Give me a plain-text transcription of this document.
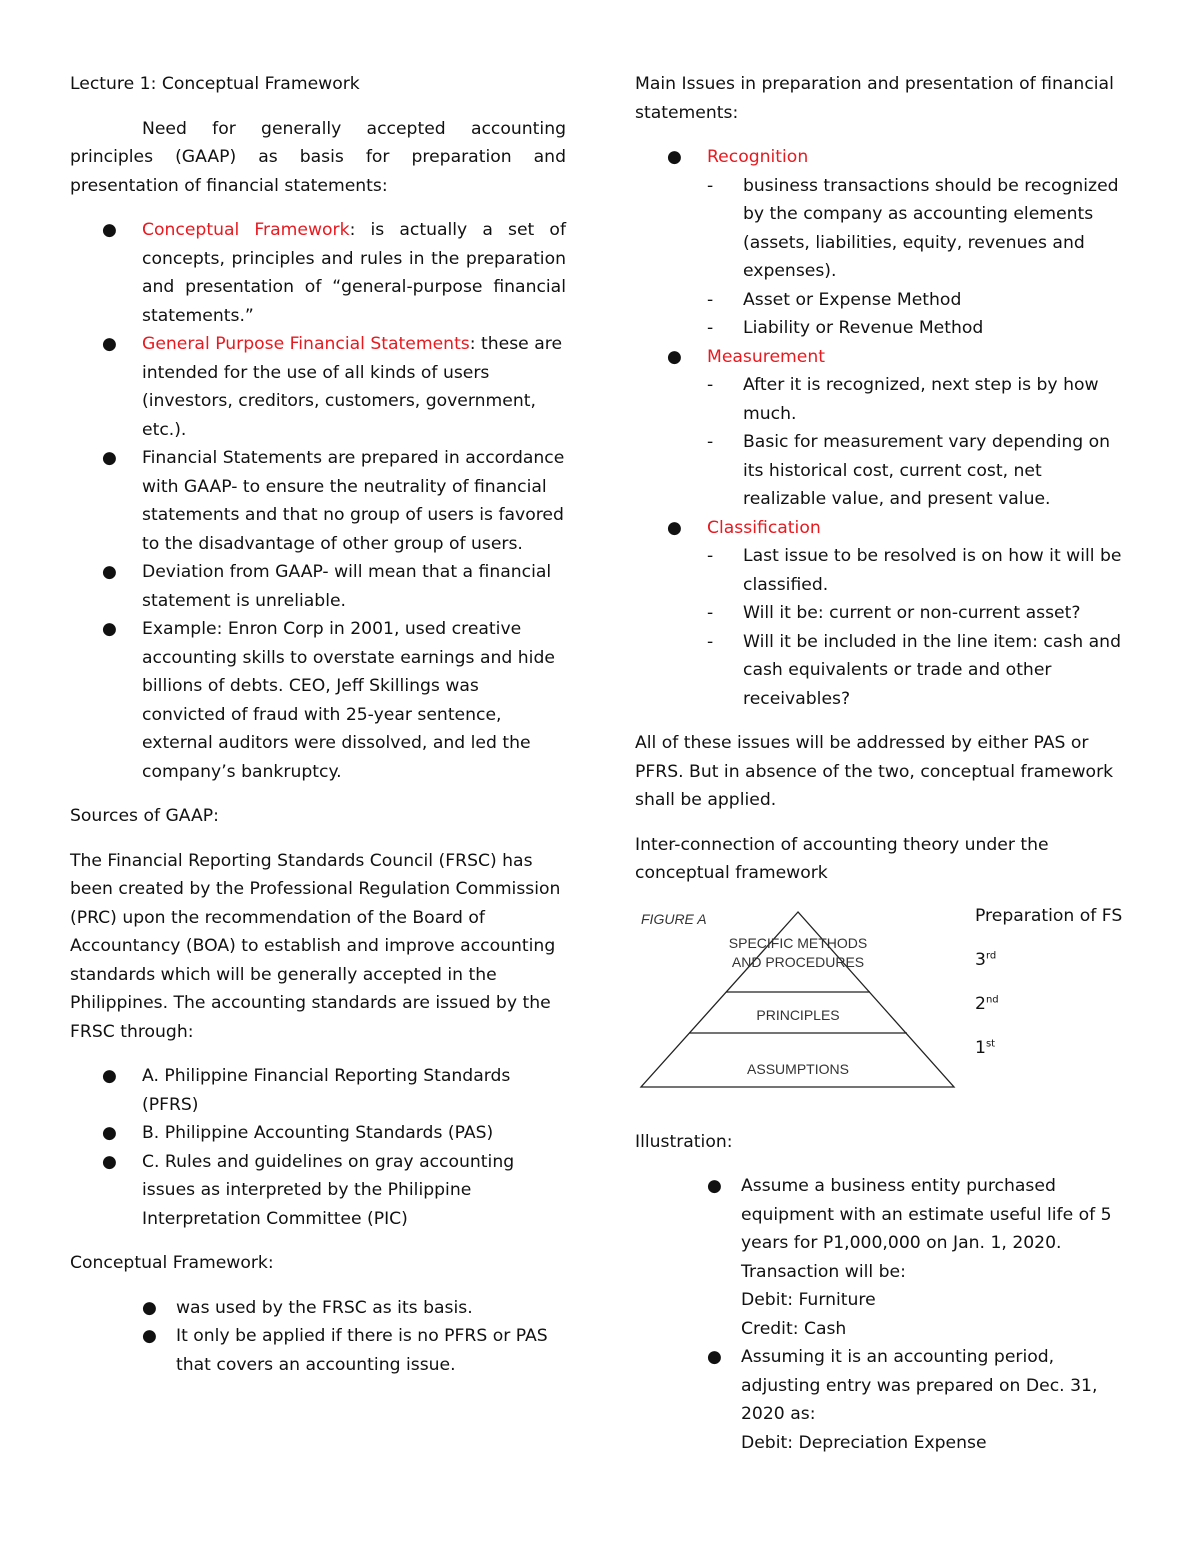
Lecture 1: Conceptual Framework

Need for generally accepted accounting principles (GAAP) as basis for preparation and presentation of financial statements:

● Conceptual Framework: is actually a set of concepts, principles and rules in the preparation and presentation of “general-purpose financial statements.”
● General Purpose Financial Statements: these are intended for the use of all kinds of users (investors, creditors, customers, government, etc.).
● Financial Statements are prepared in accordance with GAAP- to ensure the neutrality of financial statements and that no group of users is favored to the disadvantage of other group of users.
● Deviation from GAAP- will mean that a financial statement is unreliable.
● Example: Enron Corp in 2001, used creative accounting skills to overstate earnings and hide billions of debts. CEO, Jeff Skillings was convicted of fraud with 25-year sentence, external auditors were dissolved, and led the company’s bankruptcy.

Sources of GAAP:

The Financial Reporting Standards Council (FRSC) has been created by the Professional Regulation Commission (PRC) upon the recommendation of the Board of Accountancy (BOA) to establish and improve accounting standards which will be generally accepted in the Philippines. The accounting standards are issued by the FRSC through:

● A. Philippine Financial Reporting Standards (PFRS)
● B. Philippine Accounting Standards (PAS)
● C. Rules and guidelines on gray accounting issues as interpreted by the Philippine Interpretation Committee (PIC)

Conceptual Framework:

● was used by the FRSC as its basis.
● It only be applied if there is no PFRS or PAS that covers an accounting issue.

Main Issues in preparation and presentation of financial statements:

● Recognition
- business transactions should be recognized by the company as accounting elements (assets, liabilities, equity, revenues and expenses).
- Asset or Expense Method
- Liability or Revenue Method
● Measurement
- After it is recognized, next step is by how much.
- Basic for measurement vary depending on its historical cost, current cost, net realizable value, and present value.
● Classification
- Last issue to be resolved is on how it will be classified.
- Will it be: current or non-current asset?
- Will it be included in the line item: cash and cash equivalents or trade and other receivables?

All of these issues will be addressed by either PAS or PFRS. But in absence of the two, conceptual framework shall be applied.

Inter-connection of accounting theory under the conceptual framework

FIGURE A
SPECIFIC METHODS
AND PROCEDURES
PRINCIPLES
ASSUMPTIONS
Preparation of FS
3rd
2nd
1st

Illustration:

● Assume a business entity purchased equipment with an estimate useful life of 5 years for P1,000,000 on Jan. 1, 2020.
Transaction will be:
Debit: Furniture
Credit: Cash
● Assuming it is an accounting period, adjusting entry was prepared on Dec. 31, 2020 as:
Debit: Depreciation Expense
